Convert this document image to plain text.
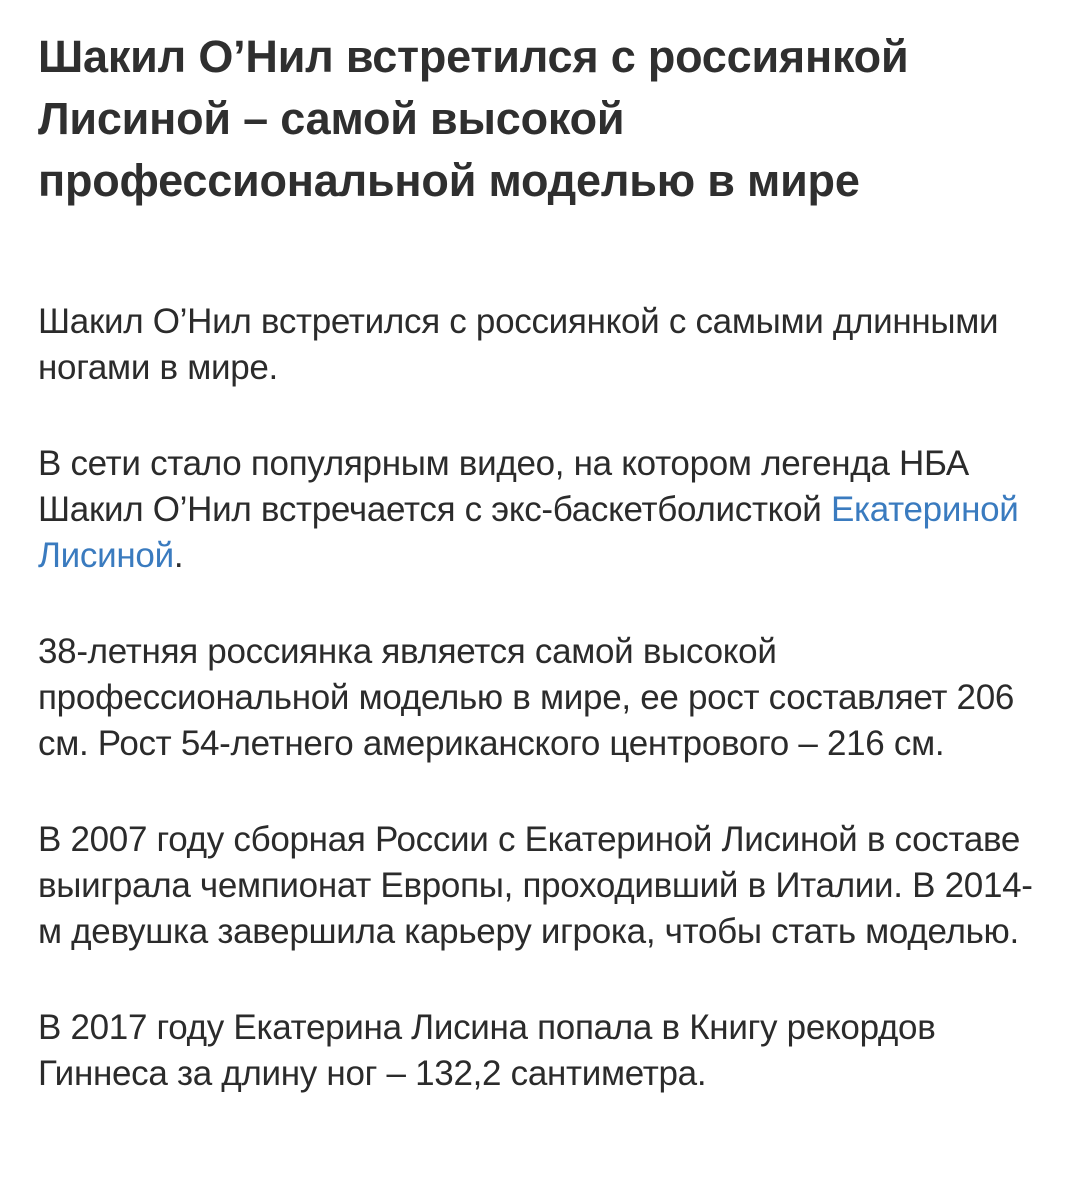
Шакил О’Нил встретился с россиянкой Лисиной – самой высокой профессиональной моделью в мире

Шакил О’Нил встретился с россиянкой с самыми длинными ногами в мире.

В сети стало популярным видео, на котором легенда НБА Шакил О’Нил встречается с экс-баскетболисткой Екатериной Лисиной.

38-летняя россиянка является самой высокой профессиональной моделью в мире, ее рост составляет 206 см. Рост 54-летнего американского центрового – 216 см.

В 2007 году сборная России с Екатериной Лисиной в составе выиграла чемпионат Европы, проходивший в Италии. В 2014-м девушка завершила карьеру игрока, чтобы стать моделью.

В 2017 году Екатерина Лисина попала в Книгу рекордов Гиннеса за длину ног – 132,2 сантиметра.
